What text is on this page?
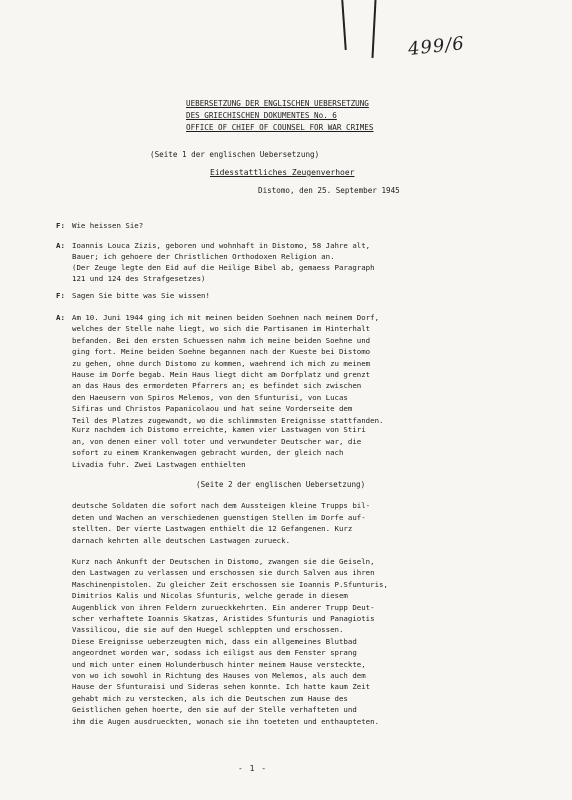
499/6
UEBERSETZUNG DER ENGLISCHEN UEBERSETZUNG
DES GRIECHISCHEN DOKUMENTES No. 6
OFFICE OF CHIEF OF COUNSEL FOR WAR CRIMES
(Seite 1 der englischen Uebersetzung)
Eidesstattliches Zeugenverhoer
Distomo, den 25. September 1945
F: Wie heissen Sie?
A: Ioannis Louca Zizis, geboren und wohnhaft in Distomo, 58 Jahre alt,
Bauer; ich gehoere der Christlichen Orthodoxen Religion an.
(Der Zeuge legte den Eid auf die Heilige Bibel ab, gemaess Paragraph
121 und 124 des Strafgesetzes)
F: Sagen Sie bitte was Sie wissen!
A: Am 10. Juni 1944 ging ich mit meinen beiden Soehnen nach meinem Dorf,
welches der Stelle nahe liegt, wo sich die Partisanen im Hinterhalt
befanden. Bei den ersten Schuessen nahm ich meine beiden Soehne und
ging fort. Meine beiden Soehne begannen nach der Kueste bei Distomo
zu gehen, ohne durch Distomo zu kommen, waehrend ich mich zu meinem
Hause im Dorfe begab. Mein Haus liegt dicht am Dorfplatz und grenzt
an das Haus des ermordeten Pfarrers an; es befindet sich zwischen
den Haeusern von Spiros Melemos, von den Sfunturisi, von Lucas
Sifiras und Christos Papanicolaou und hat seine Vorderseite dem
Teil des Platzes zugewandt, wo die schlimmsten Ereignisse stattfanden.
Kurz nachdem ich Distomo erreichte, kamen vier Lastwagen von Stiri
an, von denen einer voll toter und verwundeter Deutscher war, die
sofort zu einem Krankenwagen gebracht wurden, der gleich nach
Livadia fuhr. Zwei Lastwagen enthielten
(Seite 2 der englischen Uebersetzung)
deutsche Soldaten die sofort nach dem Aussteigen kleine Trupps bil-
deten und Wachen an verschiedenen guenstigen Stellen im Dorfe auf-
stellten. Der vierte Lastwagen enthielt die 12 Gefangenen. Kurz
darnach kehrten alle deutschen Lastwagen zurueck.
Kurz nach Ankunft der Deutschen in Distomo, zwangen sie die Geiseln,
den Lastwagen zu verlassen und erschossen sie durch Salven aus ihren
Maschinenpistolen. Zu gleicher Zeit erschossen sie Ioannis P.Sfunturis,
Dimitrios Kalis und Nicolas Sfunturis, welche gerade in diesem
Augenblick von ihren Feldern zurueckkehrten. Ein anderer Trupp Deut-
scher verhaftete Ioannis Skatzas, Aristides Sfunturis und Panagiotis
Vassilicou, die sie auf den Huegel schleppten und erschossen.
Diese Ereignisse ueberzeugten mich, dass ein allgemeines Blutbad
angeordnet worden war, sodass ich eiligst aus dem Fenster sprang
und mich unter einem Holunderbusch hinter meinem Hause versteckte,
von wo ich sowohl in Richtung des Hauses von Melemos, als auch dem
Hause der Sfunturaisi und Sideras sehen konnte. Ich hatte kaum Zeit
gehabt mich zu verstecken, als ich die Deutschen zum Hause des
Geistlichen gehen hoerte, den sie auf der Stelle verhafteten und
ihm die Augen ausdrueckten, wonach sie ihn toeteten und enthaupteten.
- 1 -
